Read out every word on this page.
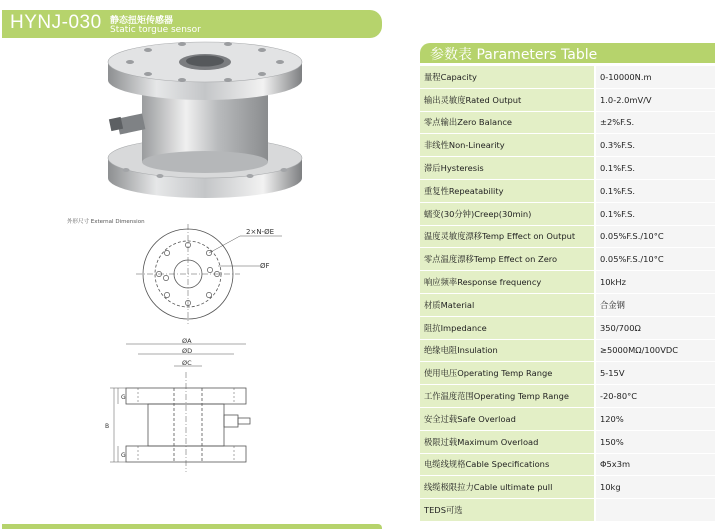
HYNJ-030 静态扭矩传感器
Static torgue sensor
外形尺寸 External Dimension
2×N-ØE
ØF
ØA
ØD
ØC
G
G
B
参数表 Parameters Table
量程Capacity	0-10000N.m
输出灵敏度Rated Output	1.0-2.0mV/V
零点输出Zero Balance	±2%F.S.
非线性Non-Linearity	0.3%F.S.
滞后Hysteresis	0.1%F.S.
重复性Repeatability	0.1%F.S.
蠕变(30分钟)Creep(30min)	0.1%F.S.
温度灵敏度漂移Temp Effect on Output	0.05%F.S./10°C
零点温度漂移Temp Effect on Zero	0.05%F.S./10°C
响应频率Response frequency	10kHz
材质Material	合金钢
阻抗Impedance	350/700Ω
绝缘电阻Insulation	≥5000MΩ/100VDC
使用电压Operating Temp Range	5-15V
工作温度范围Operating Temp Range	-20-80°C
安全过载Safe Overload	120%
极限过载Maximum Overload	150%
电缆线规格Cable Specifications	Φ5x3m
线缆极限拉力Cable ultimate pull	10kg
TEDS可选	
